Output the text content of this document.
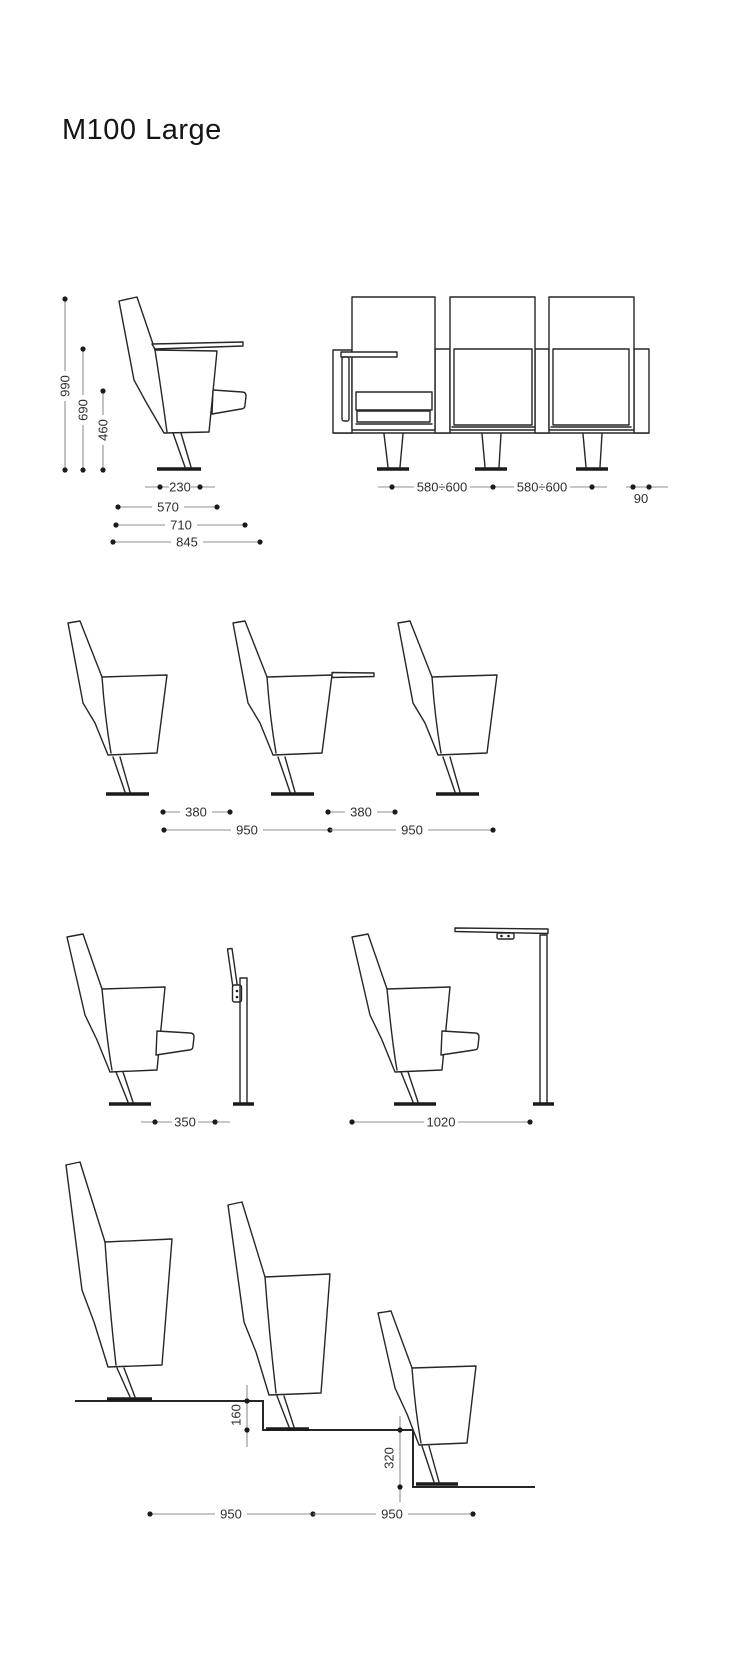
M100 Large
990
690
460
230
570
710
845
580÷600	580÷600
90
380	380
950	950
350	1020
160
320
950	950
